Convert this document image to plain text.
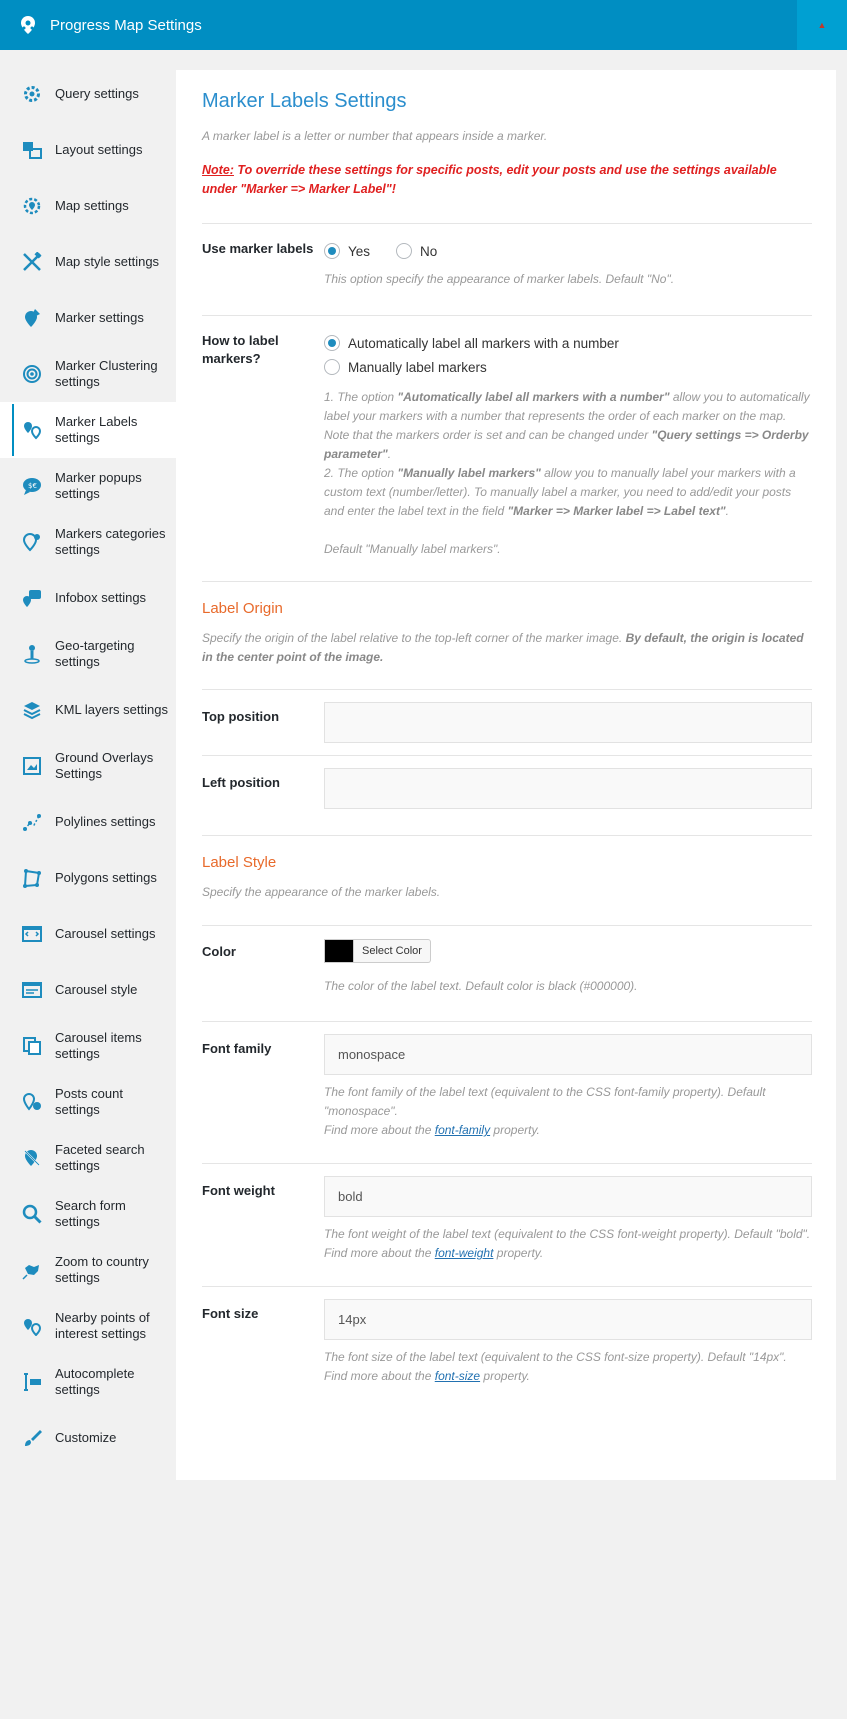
Progress Map Settings	▲
Query settings
Layout settings
Map settings
Map style settings
Marker settings
Marker Clustering settings
Marker Labels settings
$€
Marker popups settings
Markers categories settings
Infobox settings
Geo-targeting settings
KML layers settings
Ground Overlays Settings
Polylines settings
Polygons settings
Carousel settings
Carousel style
Carousel items settings
Posts count settings
Faceted search settings
Search form settings
Zoom to country settings
Nearby points of interest settings
Autocomplete settings
Customize
Marker Labels Settings

A marker label is a letter or number that appears inside a marker.

Note: To override these settings for specific posts, edit your posts and use the settings available under "Marker => Marker Label"!

Use marker labels	Yes	No

This option specify the appearance of marker labels. Default "No".

How to label markers?
Automatically label all markers with a number
Manually label markers

1. The option "Automatically label all markers with a number" allow you to automatically label your markers with a number that represents the order of each marker on the map. Note that the markers order is set and can be changed under "Query settings => Orderby parameter".

2. The option "Manually label markers" allow you to manually label your markers with a custom text (number/letter). To manually label a marker, you need to add/edit your posts and enter the label text in the field "Marker => Marker label => Label text".

Default "Manually label markers".

Label Origin

Specify the origin of the label relative to the top-left corner of the marker image. By default, the origin is located in the center point of the image.

Top position
Left position
Label Style

Specify the appearance of the marker labels.

Color	Select Color

The color of the label text. Default color is black (#000000).

Font family
monospace

The font family of the label text (equivalent to the CSS font-family property). Default "monospace".

Find more about the font-family property.

Font weight
bold

The font weight of the label text (equivalent to the CSS font-weight property). Default "bold".

Find more about the font-weight property.

Font size
14px

The font size of the label text (equivalent to the CSS font-size property). Default "14px".

Find more about the font-size property.
